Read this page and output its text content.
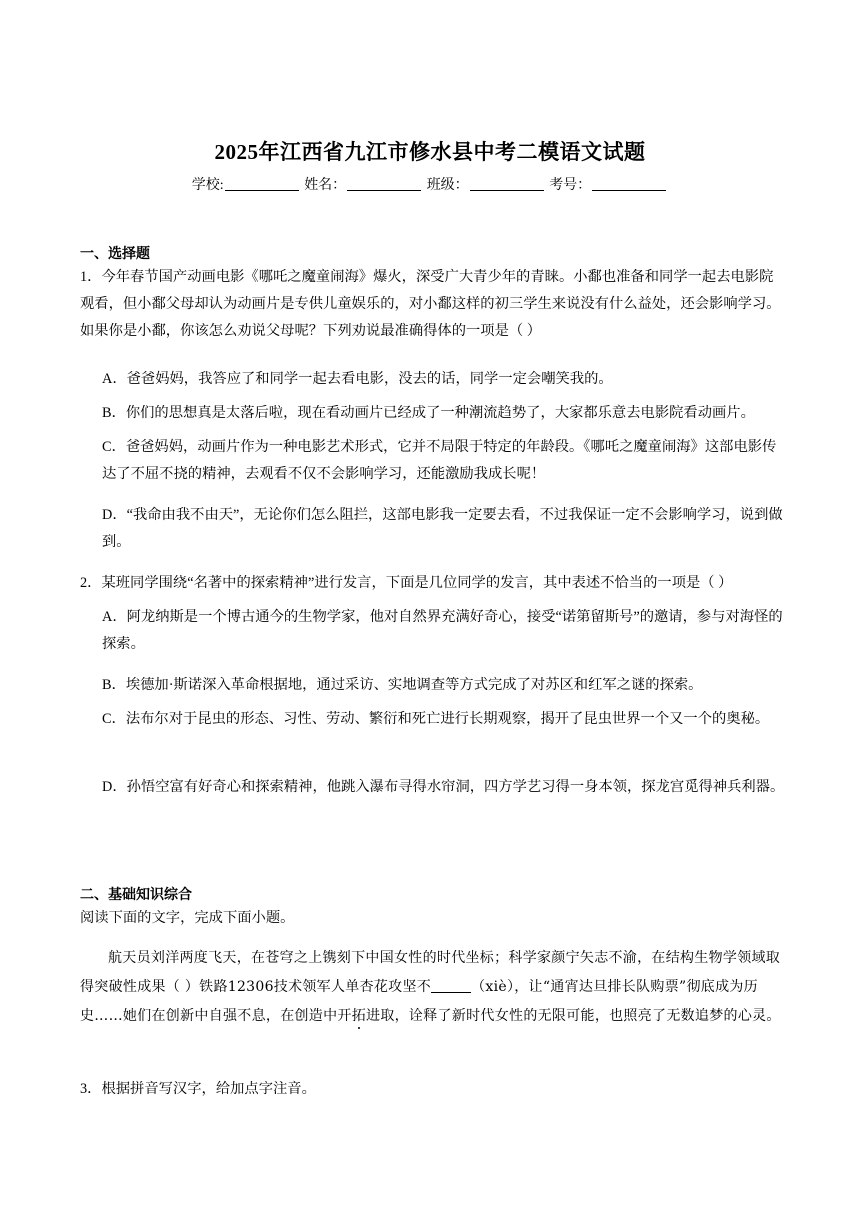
2025年江西省九江市修水县中考二模语文试题
学校:	姓名：	班级：	考号：
一、选择题

1．今年春节国产动画电影《哪吒之魔童闹海》爆火，深受广大青少年的青睐。小鄱也准备和同学一起去电影院观看，但小鄱父母却认为动画片是专供儿童娱乐的，对小鄱这样的初三学生来说没有什么益处，还会影响学习。如果你是小鄱，你该怎么劝说父母呢？下列劝说最准确得体的一项是（ ）

A．爸爸妈妈，我答应了和同学一起去看电影，没去的话，同学一定会嘲笑我的。

B．你们的思想真是太落后啦，现在看动画片已经成了一种潮流趋势了，大家都乐意去电影院看动画片。

C．爸爸妈妈，动画片作为一种电影艺术形式，它并不局限于特定的年龄段。《哪吒之魔童闹海》这部电影传达了不屈不挠的精神，去观看不仅不会影响学习，还能激励我成长呢！

D．“我命由我不由天”，无论你们怎么阻拦，这部电影我一定要去看，不过我保证一定不会影响学习，说到做到。

2．某班同学围绕“名著中的探索精神”进行发言，下面是几位同学的发言，其中表述不恰当的一项是（ ）

A．阿龙纳斯是一个博古通今的生物学家，他对自然界充满好奇心，接受“诺第留斯号”的邀请，参与对海怪的探索。

B．埃德加·斯诺深入革命根据地，通过采访、实地调查等方式完成了对苏区和红军之谜的探索。

C．法布尔对于昆虫的形态、习性、劳动、繁衍和死亡进行长期观察，揭开了昆虫世界一个又一个的奥秘。

D．孙悟空富有好奇心和探索精神，他跳入瀑布寻得水帘洞，四方学艺习得一身本领，探龙宫觅得神兵利器。

二、基础知识综合

阅读下面的文字，完成下面小题。

航天员刘洋两度飞天，在苍穹之上镌刻下中国女性的时代坐标；科学家颜宁矢志不渝，在结构生物学领域取得突破性成果（ ）铁路12306技术领军人单杏花攻坚不	（xiè），让“通宵达旦排长队购票”彻底成为历史……她们在创新中自强不息，在创造中开拓进取，诠释了新时代女性的无限可能，也照亮了无数追梦的心灵。

3．根据拼音写汉字，给加点字注音。
